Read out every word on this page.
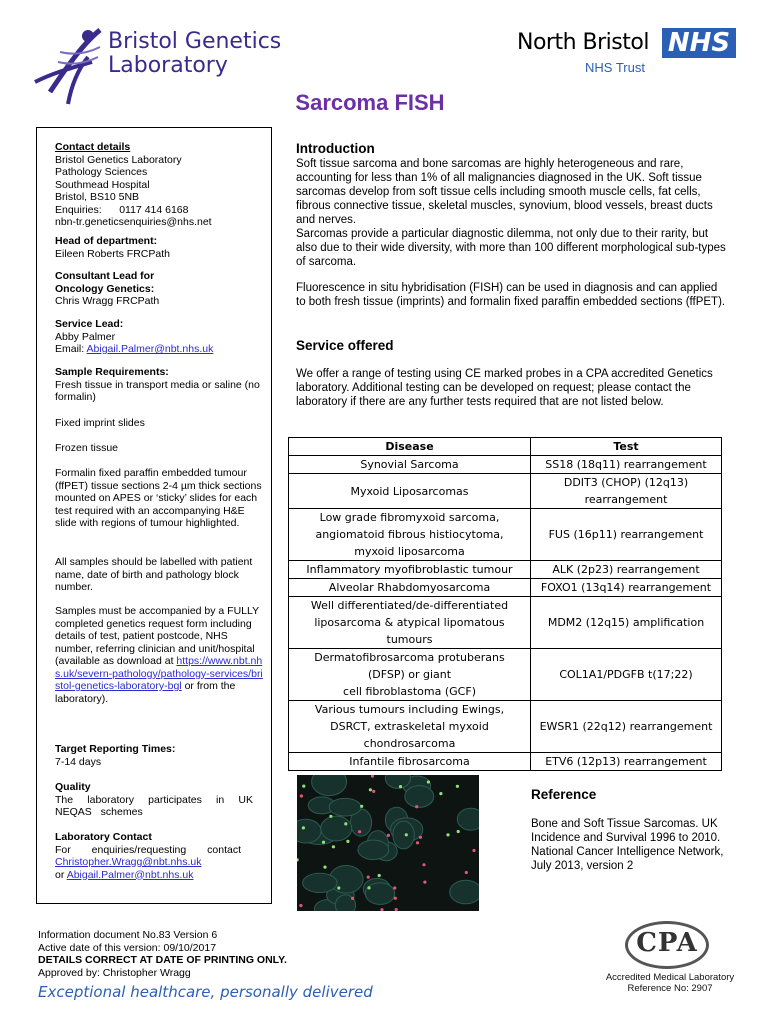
Bristol Genetics
Laboratory
North Bristol NHS
NHS Trust
Sarcoma FISH
Contact details
Bristol Genetics Laboratory
Pathology Sciences
Southmead Hospital
Bristol, BS10 5NB
Enquiries:      0117 414 6168
nbn-tr.geneticsenquiries@nhs.net
Head of department:
Eileen Roberts FRCPath
Consultant Lead for
Oncology Genetics:
Chris Wragg FRCPath
Service Lead:
Abby Palmer
Email: Abigail.Palmer@nbt.nhs.uk
Sample Requirements:
Fresh tissue in transport media or saline (no formalin)
Fixed imprint slides
Frozen tissue
Formalin fixed paraffin embedded tumour (ffPET) tissue sections 2-4 µm thick sections mounted on APES or ‘sticky’ slides for each test required with an accompanying H&E slide with regions of tumour highlighted.
All samples should be labelled with patient name, date of birth and pathology block number.
Samples must be accompanied by a FULLY completed genetics request form including details of test, patient postcode, NHS number, referring clinician and unit/hospital (available as download at https://www.nbt.nhs.uk/severn-pathology/pathology-services/bristol-genetics-laboratory-bgl or from the laboratory).
Target Reporting Times:
7-14 days
Quality
The laboratory participates in UK NEQAS schemes
Laboratory Contact
For enquiries/requesting contact
Christopher.Wragg@nbt.nhs.uk
or Abigail.Palmer@nbt.nhs.uk
Introduction
Soft tissue sarcoma and bone sarcomas are highly heterogeneous and rare, accounting for less than 1% of all malignancies diagnosed in the UK. Soft tissue sarcomas develop from soft tissue cells including smooth muscle cells, fat cells, fibrous connective tissue, skeletal muscles, synovium, blood vessels, breast ducts and nerves.
Sarcomas provide a particular diagnostic dilemma, not only due to their rarity, but also due to their wide diversity, with more than 100 different morphological sub-types of sarcoma.
Fluorescence in situ hybridisation (FISH) can be used in diagnosis and can applied to both fresh tissue (imprints) and formalin fixed paraffin embedded sections (ffPET).
Service offered
We offer a range of testing using CE marked probes in a CPA accredited Genetics laboratory. Additional testing can be developed on request; please contact the laboratory if there are any further tests required that are not listed below.
Disease	Test

Synovial Sarcoma	SS18 (18q11) rearrangement

Myxoid Liposarcomas	DDIT3 (CHOP) (12q13)
rearrangement

Low grade fibromyxoid sarcoma,
angiomatoid fibrous histiocytoma,
myxoid liposarcoma	FUS (16p11) rearrangement

Inflammatory myofibroblastic tumour	ALK (2p23) rearrangement

Alveolar Rhabdomyosarcoma	FOXO1 (13q14) rearrangement

Well differentiated/de-differentiated
liposarcoma & atypical lipomatous
tumours	MDM2 (12q15) amplification

Dermatofibrosarcoma protuberans
(DFSP) or giant
cell fibroblastoma (GCF)	COL1A1/PDGFB t(17;22)

Various tumours including Ewings,
DSRCT, extraskeletal myxoid
chondrosarcoma	EWSR1 (22q12) rearrangement

Infantile fibrosarcoma	ETV6 (12p13) rearrangement
Reference
Bone and Soft Tissue Sarcomas. UK Incidence and Survival 1996 to 2010. National Cancer Intelligence Network, July 2013, version 2
Information document No.83 Version 6
Active date of this version: 09/10/2017
DETAILS CORRECT AT DATE OF PRINTING ONLY.
Approved by: Christopher Wragg
Exceptional healthcare, personally delivered
CPA
Accredited Medical Laboratory
Reference No: 2907
